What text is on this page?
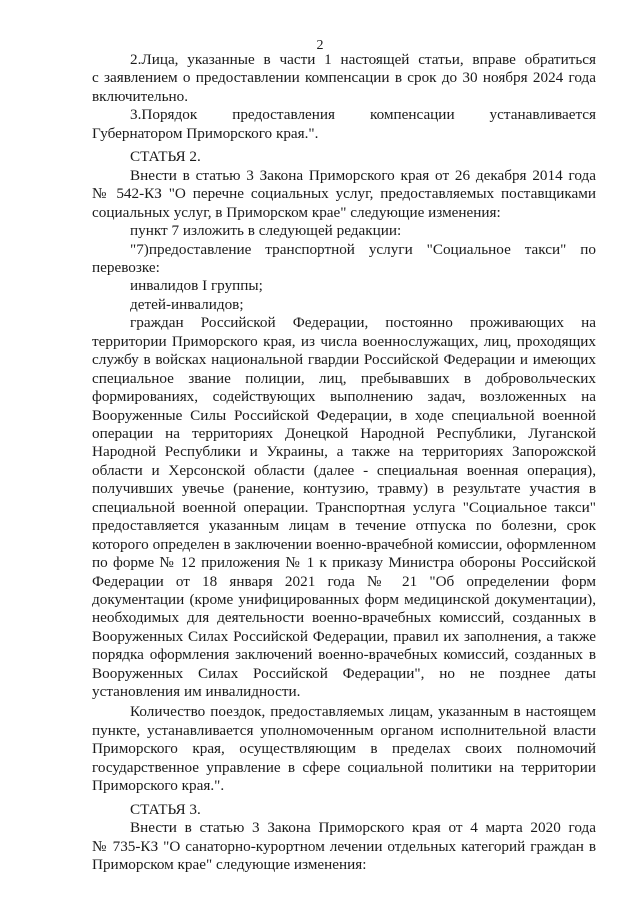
2
2.Лица, указанные в части 1 настоящей статьи, вправе обратиться
с заявлением о предоставлении компенсации в срок до 30 ноября 2024 года
включительно.
3.Порядок предоставления компенсации устанавливается
Губернатором Приморского края.".
СТАТЬЯ 2.
Внести в статью 3 Закона Приморского края от 26 декабря 2014 года
№ 542-КЗ "О перечне социальных услуг, предоставляемых поставщиками
социальных услуг, в Приморском крае" следующие изменения:
пункт 7 изложить в следующей редакции:
"7)предоставление транспортной услуги "Социальное такси" по
перевозке:
инвалидов I группы;
детей-инвалидов;
граждан Российской Федерации, постоянно проживающих на
территории Приморского края, из числа военнослужащих, лиц, проходящих
службу в войсках национальной гвардии Российской Федерации и имеющих
специальное звание полиции, лиц, пребывавших в добровольческих
формированиях, содействующих выполнению задач, возложенных на
Вооруженные Силы Российской Федерации, в ходе специальной военной
операции на территориях Донецкой Народной Республики, Луганской
Народной Республики и Украины, а также на территориях Запорожской
области и Херсонской области (далее - специальная военная операция),
получивших увечье (ранение, контузию, травму) в результате участия в
специальной военной операции. Транспортная услуга "Социальное такси"
предоставляется указанным лицам в течение отпуска по болезни, срок
которого определен в заключении военно-врачебной комиссии, оформленном
по форме № 12 приложения № 1 к приказу Министра обороны Российской
Федерации от 18 января 2021 года № 21 "Об определении форм
документации (кроме унифицированных форм медицинской документации),
необходимых для деятельности военно-врачебных комиссий, созданных в
Вооруженных Силах Российской Федерации, правил их заполнения, а также
порядка оформления заключений военно-врачебных комиссий, созданных в
Вооруженных Силах Российской Федерации", но не позднее даты
установления им инвалидности.
Количество поездок, предоставляемых лицам, указанным в настоящем
пункте, устанавливается уполномоченным органом исполнительной власти
Приморского края, осуществляющим в пределах своих полномочий
государственное управление в сфере социальной политики на территории
Приморского края.".
СТАТЬЯ 3.
Внести в статью 3 Закона Приморского края от 4 марта 2020 года
№ 735-КЗ "О санаторно-курортном лечении отдельных категорий граждан в
Приморском крае" следующие изменения:
